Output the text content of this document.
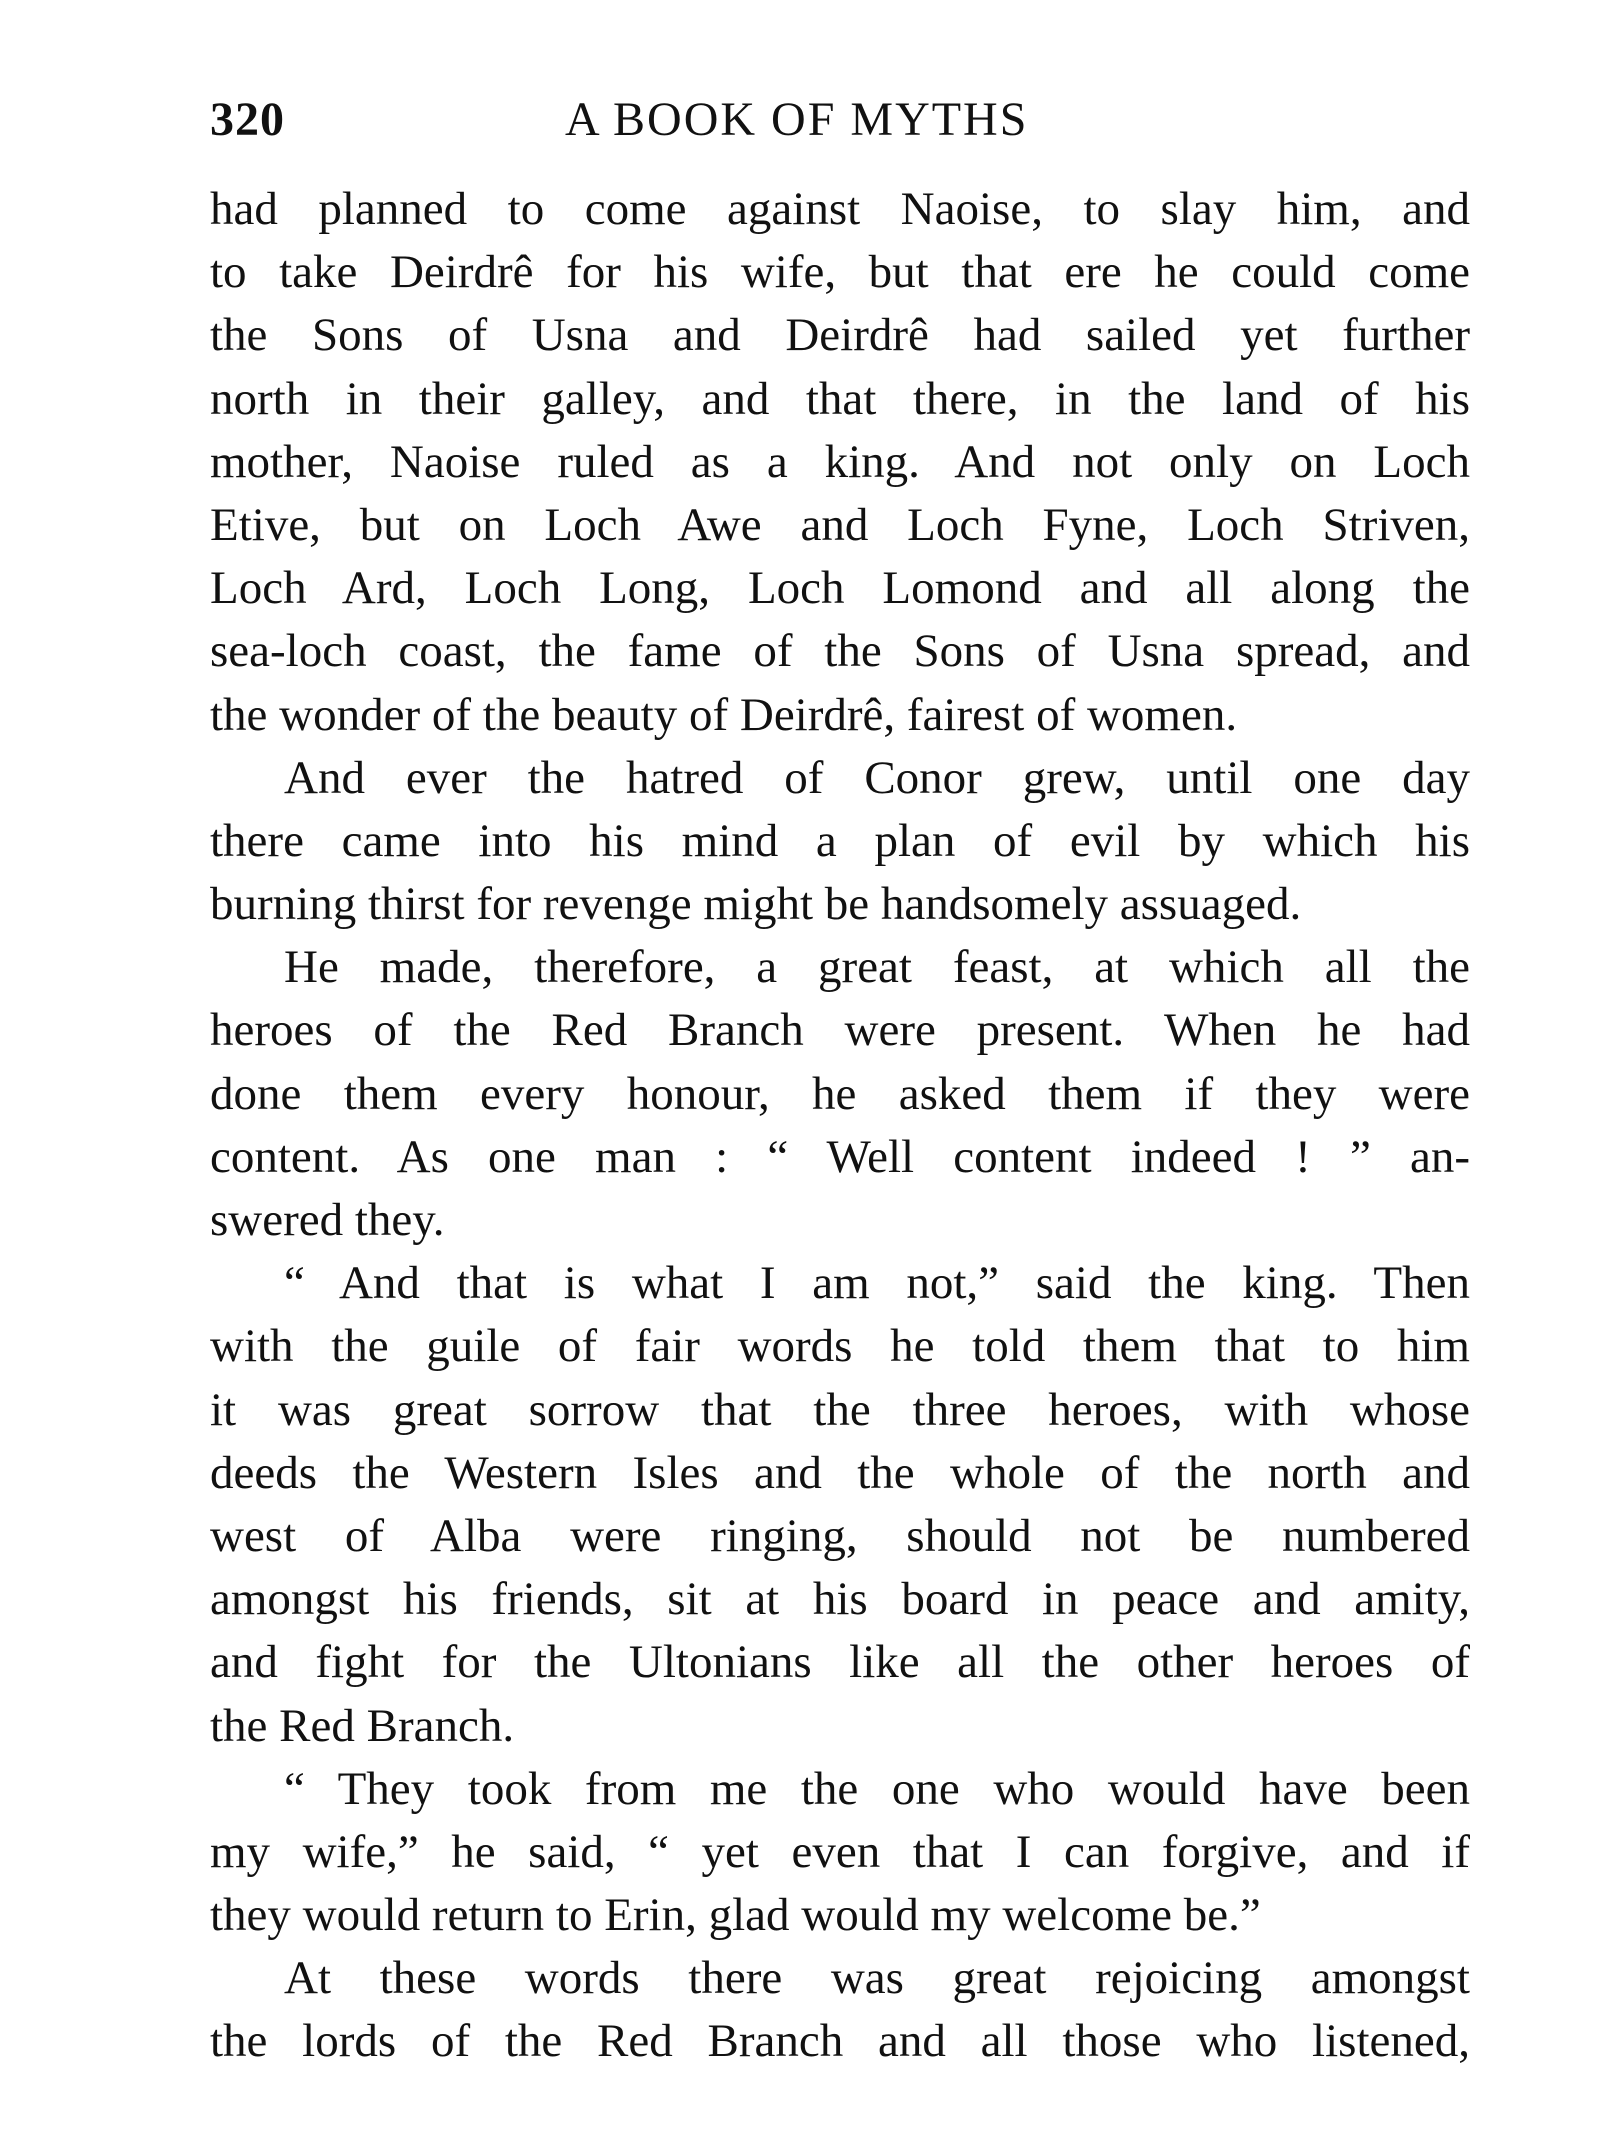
320	A BOOK OF MYTHS
had planned to come against Naoise, to slay him, and
to take Deirdrê for his wife, but that ere he could come
the Sons of Usna and Deirdrê had sailed yet further
north in their galley, and that there, in the land of his
mother, Naoise ruled as a king. And not only on Loch
Etive, but on Loch Awe and Loch Fyne, Loch Striven,
Loch Ard, Loch Long, Loch Lomond and all along the
sea-loch coast, the fame of the Sons of Usna spread, and
the wonder of the beauty of Deirdrê, fairest of women.
And ever the hatred of Conor grew, until one day
there came into his mind a plan of evil by which his
burning thirst for revenge might be handsomely assuaged.
He made, therefore, a great feast, at which all the
heroes of the Red Branch were present. When he had
done them every honour, he asked them if they were
content. As one man : “ Well content indeed ! ” an-
swered they.
“ And that is what I am not,” said the king. Then
with the guile of fair words he told them that to him
it was great sorrow that the three heroes, with whose
deeds the Western Isles and the whole of the north and
west of Alba were ringing, should not be numbered
amongst his friends, sit at his board in peace and amity,
and fight for the Ultonians like all the other heroes of
the Red Branch.
“ They took from me the one who would have been
my wife,” he said, “ yet even that I can forgive, and if
they would return to Erin, glad would my welcome be.”
At these words there was great rejoicing amongst
the lords of the Red Branch and all those who listened,
